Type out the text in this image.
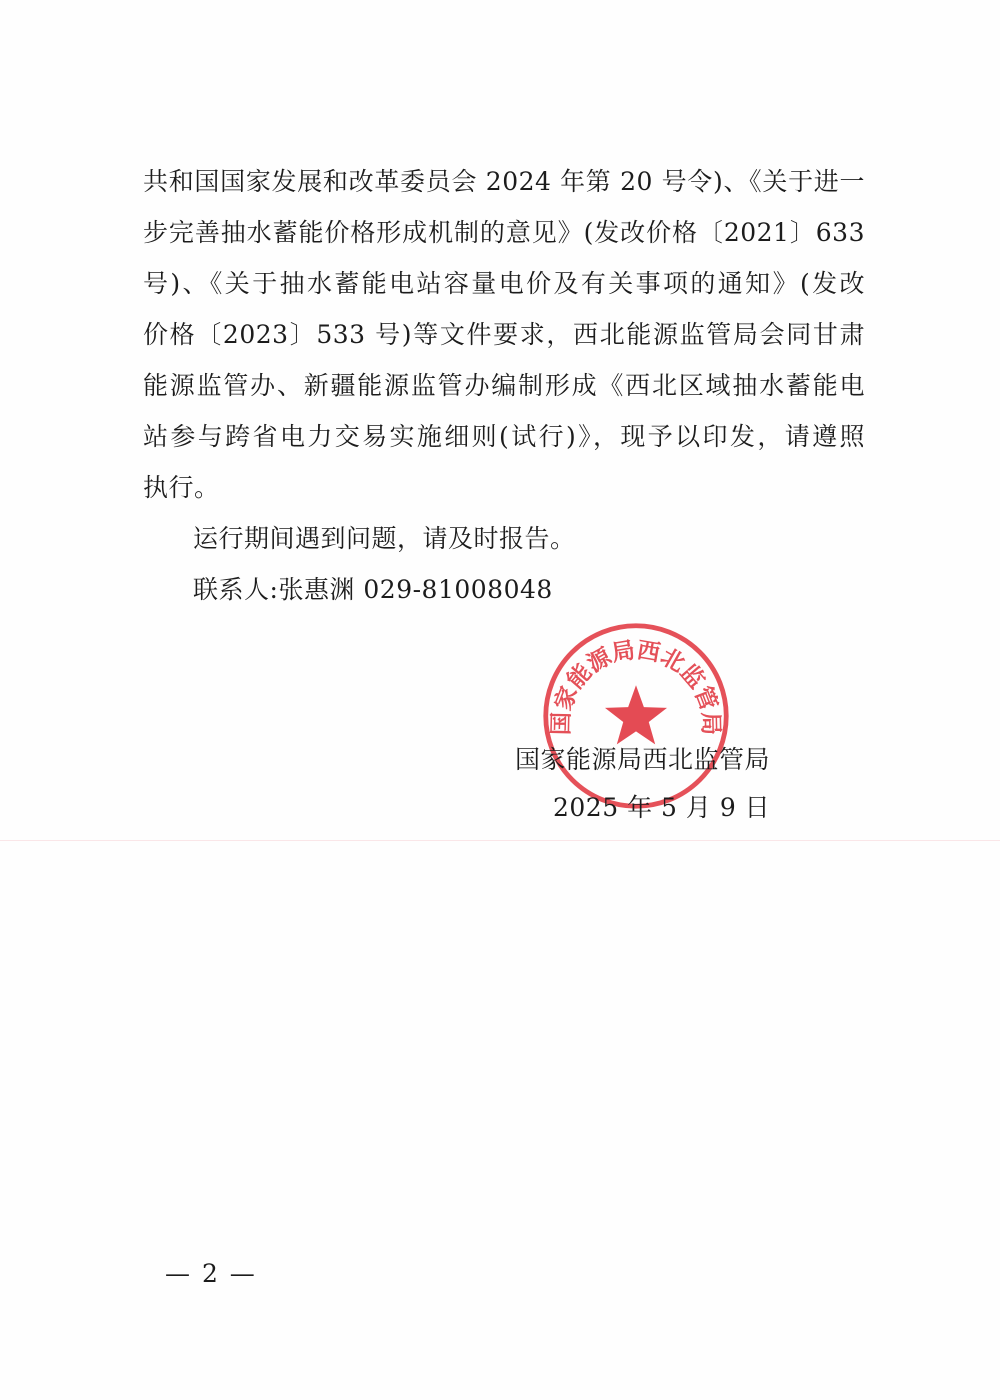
共和国国家发展和改革委员会 2024 年第 20 号令)、《关于进一
步完善抽水蓄能价格形成机制的意见》(发改价格〔2021〕633
号)、《关于抽水蓄能电站容量电价及有关事项的通知》(发改
价格〔2023〕533 号)等文件要求，西北能源监管局会同甘肃
能源监管办、新疆能源监管办编制形成《西北区域抽水蓄能电
站参与跨省电力交易实施细则(试行)》，现予以印发，请遵照
执行。
运行期间遇到问题，请及时报告。
联系人:张惠渊 029-81008048
国家能源局西北监管局
国家能源局西北监管局
2025 年 5 月 9 日
— 2 —
